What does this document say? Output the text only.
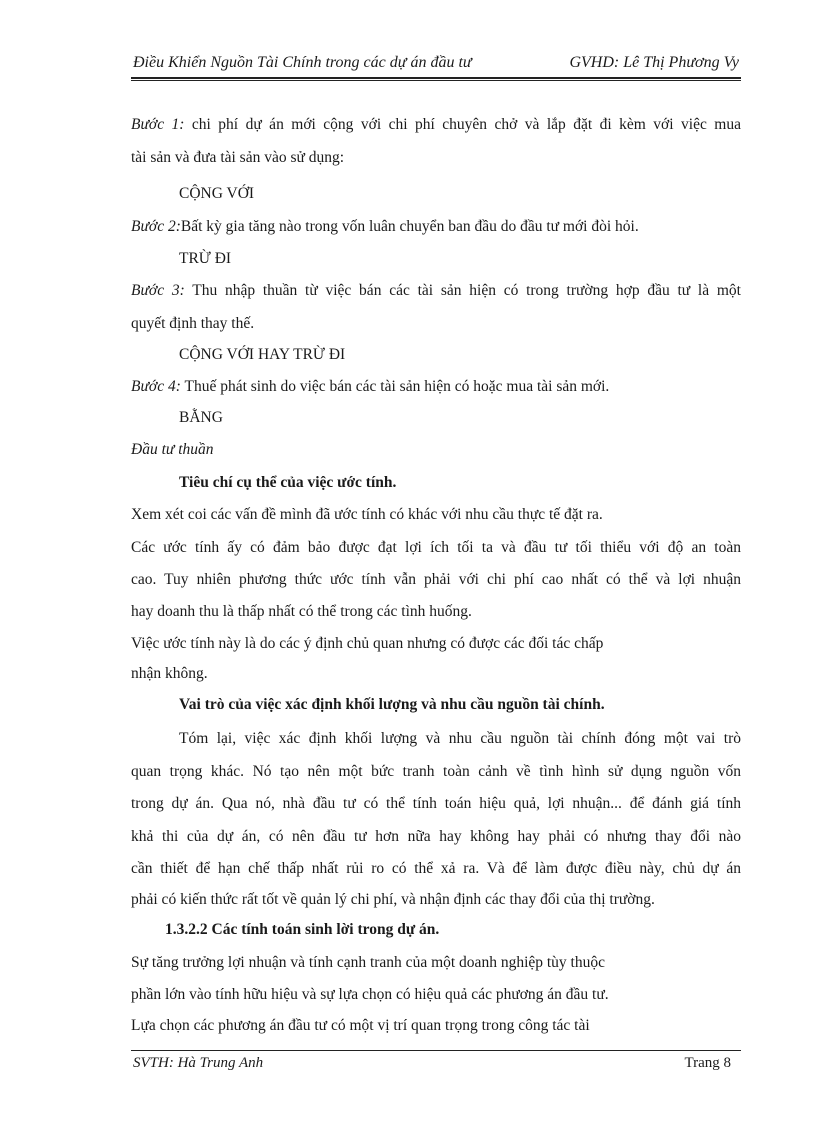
Điều Khiển Nguồn Tài Chính trong các dự án đầu tư	GVHD: Lê Thị Phương Vy
Bước 1: chi phí dự án mới cộng với chi phí chuyên chở và lắp đặt đi kèm với việc mua
tài sản và đưa tài sản vào sử dụng:
CỘNG VỚI
Bước 2:Bất kỳ gia tăng nào trong vốn luân chuyển ban đầu do đầu tư mới đòi hỏi.
TRỪ ĐI
Bước 3: Thu nhập thuần từ việc bán các tài sản hiện có trong trường hợp đầu tư là một
quyết định thay thế.
CỘNG VỚI HAY TRỪ ĐI
Bước 4: Thuế phát sinh do việc bán các tài sản hiện có hoặc mua tài sản mới.
BẰNG
Đầu tư thuần
Tiêu chí cụ thể của việc ước tính.
Xem xét coi các vấn đề mình đã ước tính có khác với nhu cầu thực tế đặt ra.
Các ước tính ấy có đảm bảo được đạt lợi ích tối ta và đầu tư tối thiểu với độ an toàn
cao. Tuy nhiên phương thức ước tính vẫn phải với chi phí cao nhất có thể và lợi nhuận
hay doanh thu là thấp nhất có thể trong các tình huống.
Việc ước tính này là do các ý định chủ quan nhưng có được các đối tác chấp
nhận không.
Vai trò của việc xác định khối lượng và nhu cầu nguồn tài chính.
Tóm lại, việc xác định khối lượng và nhu cầu nguồn tài chính đóng một vai trò
quan trọng khác. Nó tạo nên một bức tranh toàn cảnh về tình hình sử dụng nguồn vốn
trong dự án. Qua nó, nhà đầu tư có thể tính toán hiệu quả, lợi nhuận... để đánh giá tính
khả thi của dự án, có nên đầu tư hơn nữa hay không hay phải có nhưng thay đổi nào
cần thiết để hạn chế thấp nhất rủi ro có thể xả ra. Và để làm được điều này, chủ dự án
phải có kiến thức rất tốt về quản lý chi phí, và nhận định các thay đổi của thị trường.
1.3.2.2 Các tính toán sinh lời trong dự án.
Sự tăng trưởng lợi nhuận và tính cạnh tranh của một doanh nghiệp tùy thuộc
phần lớn vào tính hữu hiệu và sự lựa chọn có hiệu quả các phương án đầu tư.
Lựa chọn các phương án đầu tư có một vị trí quan trọng trong công tác tài
SVTH: Hà Trung Anh	Trang 8
